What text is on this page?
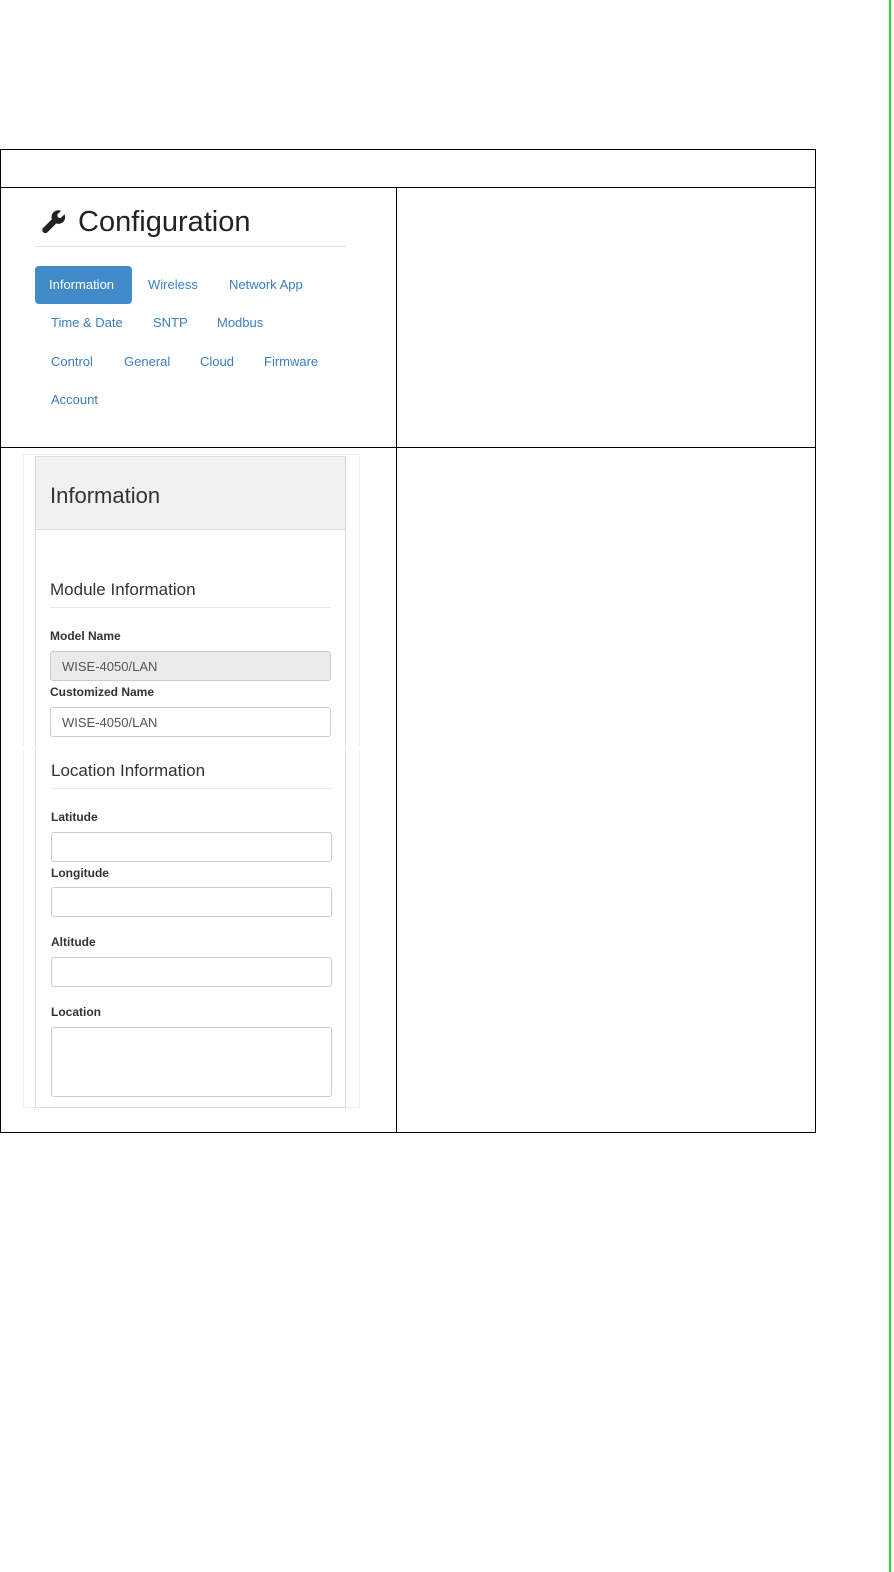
Configuration
Information	Wireless Network App
Time & Date SNTP Modbus
Control General Cloud Firmware
Account
Information
Module Information
Model Name
WISE-4050/LAN
Customized Name
WISE-4050/LAN
Location Information
Latitude
Longitude
Altitude
Location
